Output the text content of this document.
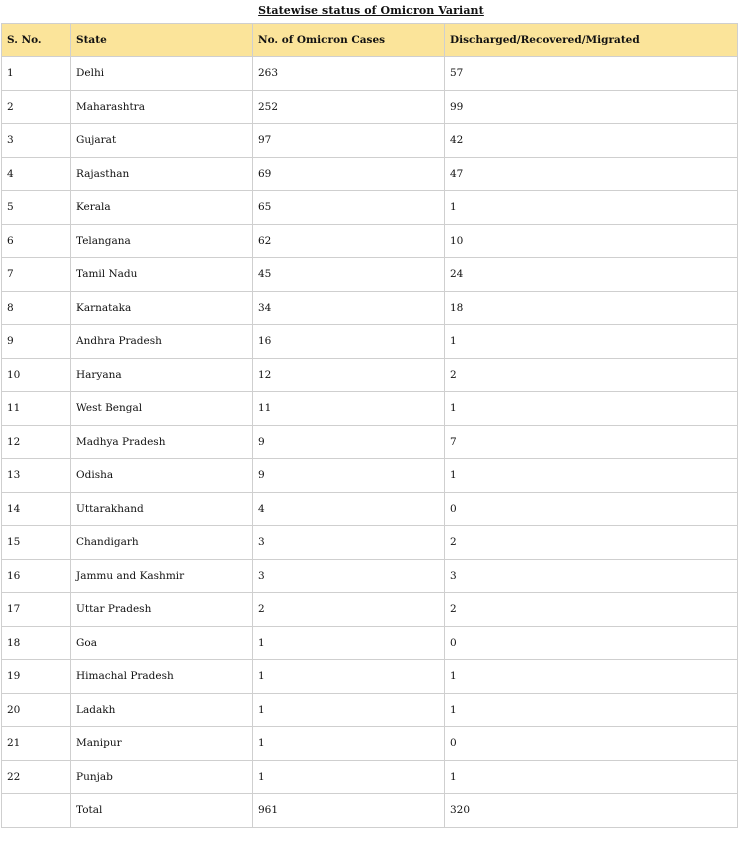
Statewise status of Omicron Variant
S. No.	State	No. of Omicron Cases	Discharged/Recovered/Migrated
1	Delhi	263	57
2	Maharashtra	252	99
3	Gujarat	97	42
4	Rajasthan	69	47
5	Kerala	65	1
6	Telangana	62	10
7	Tamil Nadu	45	24
8	Karnataka	34	18
9	Andhra Pradesh	16	1
10	Haryana	12	2
11	West Bengal	11	1
12	Madhya Pradesh	9	7
13	Odisha	9	1
14	Uttarakhand	4	0
15	Chandigarh	3	2
16	Jammu and Kashmir	3	3
17	Uttar Pradesh	2	2
18	Goa	1	0
19	Himachal Pradesh	1	1
20	Ladakh	1	1
21	Manipur	1	0
22	Punjab	1	1
	Total	961	320
